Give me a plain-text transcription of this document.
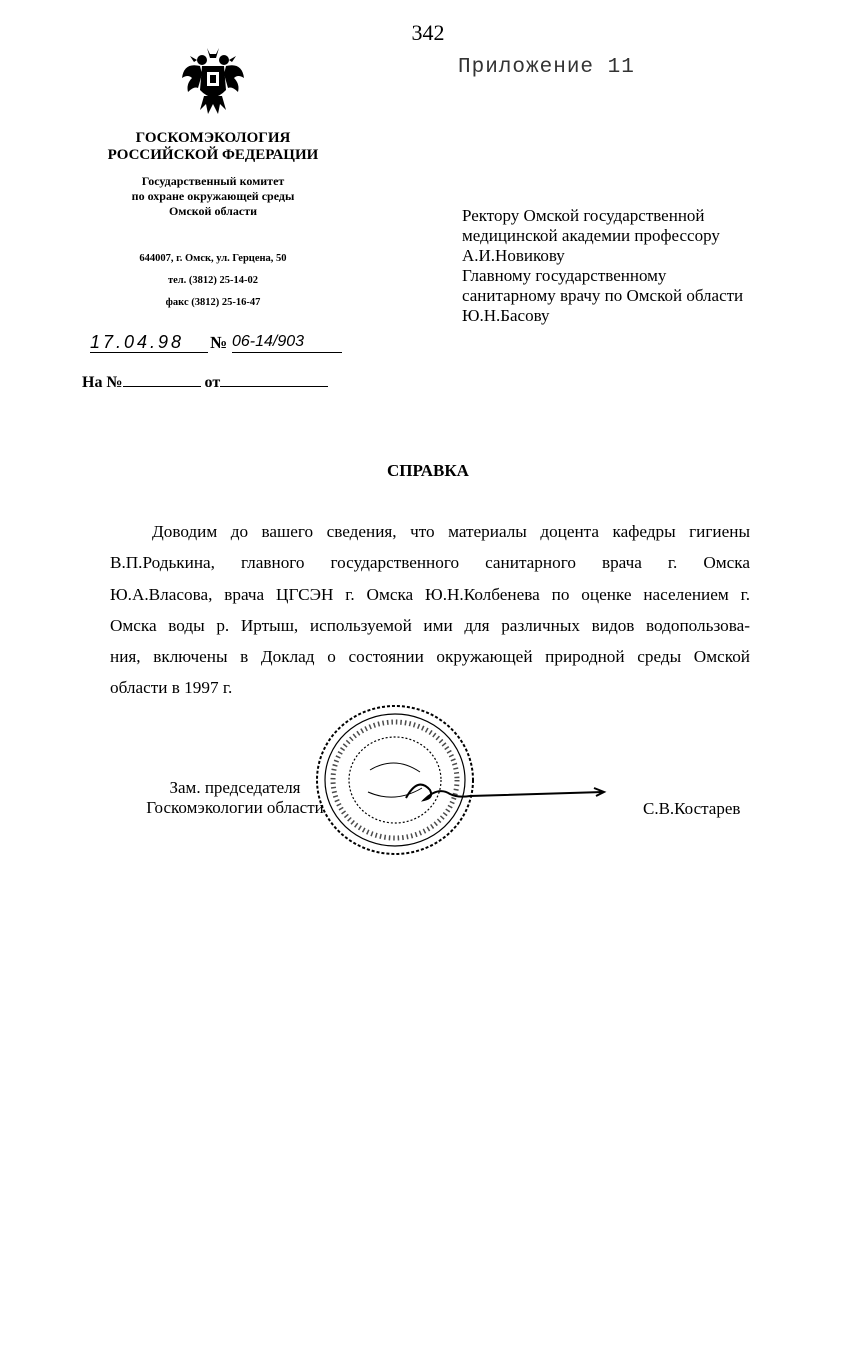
342
Приложение 11
ГОСКОМЭКОЛОГИЯ
РОССИЙСКОЙ ФЕДЕРАЦИИ
Государственный комитет
по охране окружающей среды
Омской области
644007, г. Омск, ул. Герцена, 50
тел. (3812) 25-14-02
факс (3812) 25-16-47
17.04.98	№ 06-14/903
На №	от
Ректору Омской государственной
медицинской академии профессору
А.И.Новикову
Главному государственному
санитарному врачу по Омской области
Ю.Н.Басову
СПРАВКА
Доводим до вашего сведения, что материалы доцента кафедры гигиены
В.П.Родькина, главного государственного санитарного врача г. Омска
Ю.А.Власова, врача ЦГСЭН г. Омска Ю.Н.Колбенева по оценке населением г.
Омска воды р. Иртыш, используемой ими для различных видов водопользова-
ния, включены в Доклад о состоянии окружающей природной среды Омской
области в 1997 г.
Зам. председателя
Госкомэкологии области	С.В.Костарев
